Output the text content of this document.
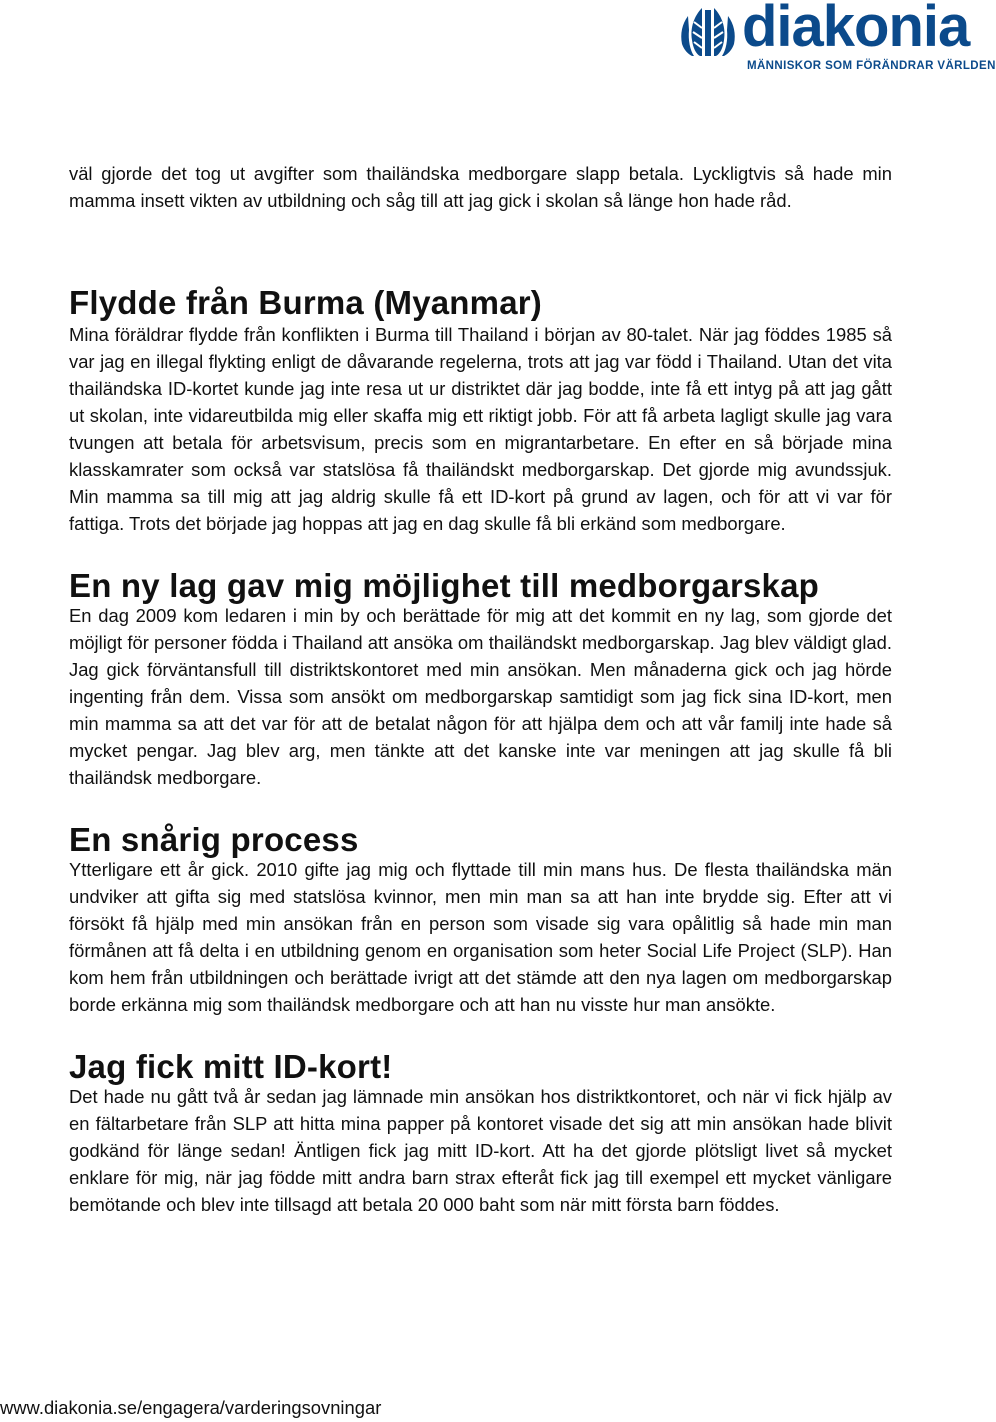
diakonia
MÄNNISKOR SOM FÖRÄNDRAR VÄRLDEN

väl gjorde det tog ut avgifter som thailändska medborgare slapp betala. Lyckligtvis så hade min mamma insett vikten av utbildning och såg till att jag gick i skolan så länge hon hade råd.

Flydde från Burma (Myanmar)

Mina föräldrar flydde från konflikten i Burma till Thailand i början av 80-talet. När jag föddes 1985 så var jag en illegal flykting enligt de dåvarande regelerna, trots att jag var född i Thailand. Utan det vita thailändska ID-kortet kunde jag inte resa ut ur distriktet där jag bodde, inte få ett intyg på att jag gått ut skolan, inte vidareutbilda mig eller skaffa mig ett riktigt jobb. För att få arbeta lagligt skulle jag vara tvungen att betala för arbetsvisum, precis som en migrantarbetare. En efter en så började mina klasskamrater som också var statslösa få thailändskt medborgarskap. Det gjorde mig avundssjuk. Min mamma sa till mig att jag aldrig skulle få ett ID-kort på grund av lagen, och för att vi var för fattiga. Trots det började jag hoppas att jag en dag skulle få bli erkänd som medborgare.

En ny lag gav mig möjlighet till medborgarskap

En dag 2009 kom ledaren i min by och berättade för mig att det kommit en ny lag, som gjorde det möjligt för personer födda i Thailand att ansöka om thailändskt medborgarskap. Jag blev väldigt glad. Jag gick förväntansfull till distriktskontoret med min ansökan. Men månaderna gick och jag hörde ingenting från dem. Vissa som ansökt om medborgarskap samtidigt som jag fick sina ID-kort, men min mamma sa att det var för att de betalat någon för att hjälpa dem och att vår familj inte hade så mycket pengar. Jag blev arg, men tänkte att det kanske inte var meningen att jag skulle få bli thailändsk medborgare.

En snårig process

Ytterligare ett år gick. 2010 gifte jag mig och flyttade till min mans hus. De flesta thailändska män undviker att gifta sig med statslösa kvinnor, men min man sa att han inte brydde sig. Efter att vi försökt få hjälp med min ansökan från en person som visade sig vara opålitlig så hade min man förmånen att få delta i en utbildning genom en organisation som heter Social Life Project (SLP). Han kom hem från utbildningen och berättade ivrigt att det stämde att den nya lagen om medborgarskap borde erkänna mig som thailändsk medborgare och att han nu visste hur man ansökte.

Jag fick mitt ID-kort!

Det hade nu gått två år sedan jag lämnade min ansökan hos distriktkontoret, och när vi fick hjälp av en fältarbetare från SLP att hitta mina papper på kontoret visade det sig att min ansökan hade blivit godkänd för länge sedan! Äntligen fick jag mitt ID-kort. Att ha det gjorde plötsligt livet så mycket enklare för mig, när jag födde mitt andra barn strax efteråt fick jag till exempel ett mycket vänligare bemötande och blev inte tillsagd att betala 20 000 baht som när mitt första barn föddes.

www.diakonia.se/engagera/varderingsovningar
